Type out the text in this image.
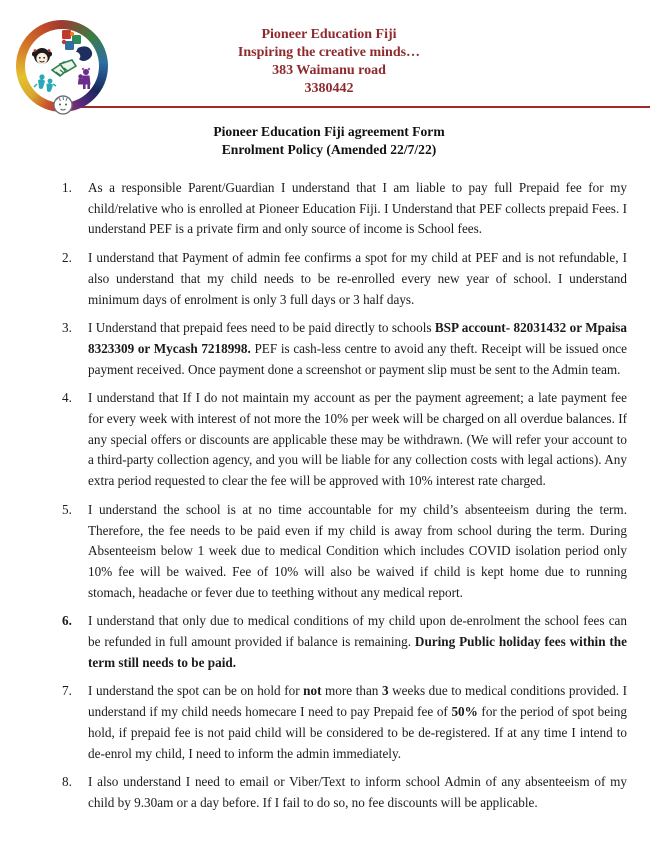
Pioneer Education Fiji
Inspiring the creative minds…
383 Waimanu road
3380442
Pioneer Education Fiji agreement Form
Enrolment Policy (Amended 22/7/22)
1. As a responsible Parent/Guardian I understand that I am liable to pay full Prepaid fee for my child/relative who is enrolled at Pioneer Education Fiji. I Understand that PEF collects prepaid Fees. I understand PEF is a private firm and only source of income is School fees.
2. I understand that Payment of admin fee confirms a spot for my child at PEF and is not refundable, I also understand that my child needs to be re-enrolled every new year of school. I understand minimum days of enrolment is only 3 full days or 3 half days.
3. I Understand that prepaid fees need to be paid directly to schools BSP account- 82031432 or Mpaisa 8323309 or Mycash 7218998. PEF is cash-less centre to avoid any theft. Receipt will be issued once payment received. Once payment done a screenshot or payment slip must be sent to the Admin team.
4. I understand that If I do not maintain my account as per the payment agreement; a late payment fee for every week with interest of not more the 10% per week will be charged on all overdue balances. If any special offers or discounts are applicable these may be withdrawn. (We will refer your account to a third-party collection agency, and you will be liable for any collection costs with legal actions). Any extra period requested to clear the fee will be approved with 10% interest rate charged.
5. I understand the school is at no time accountable for my child’s absenteeism during the term. Therefore, the fee needs to be paid even if my child is away from school during the term. During Absenteeism below 1 week due to medical Condition which includes COVID isolation period only 10% fee will be waived. Fee of 10% will also be waived if child is kept home due to running stomach, headache or fever due to teething without any medical report.
6. I understand that only due to medical conditions of my child upon de-enrolment the school fees can be refunded in full amount provided if balance is remaining. During Public holiday fees within the term still needs to be paid.
7. I understand the spot can be on hold for not more than 3 weeks due to medical conditions provided. I understand if my child needs homecare I need to pay Prepaid fee of 50% for the period of spot being hold, if prepaid fee is not paid child will be considered to be de-registered. If at any time I intend to de-enrol my child, I need to inform the admin immediately.
8. I also understand I need to email or Viber/Text to inform school Admin of any absenteeism of my child by 9.30am or a day before. If I fail to do so, no fee discounts will be applicable.
